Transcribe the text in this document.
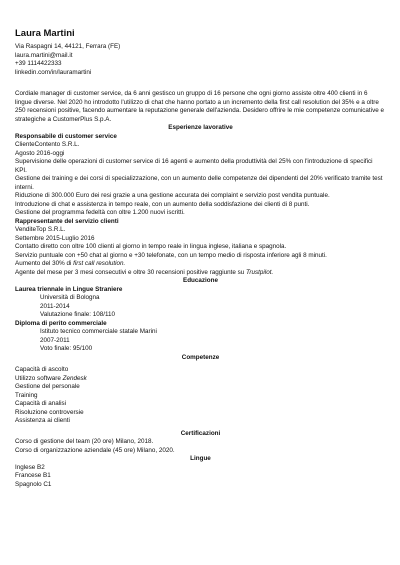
Laura Martini
Via Raspagni 14, 44121, Ferrara (FE)
laura.martini@mail.it
+39 1114422333
linkedin.com/in/lauramartini

Cordiale manager di customer service, da 6 anni gestisco un gruppo di 16 persone che ogni giorno assiste oltre 400 clienti in 6 lingue diverse. Nel 2020 ho introdotto l'utilizzo di chat che hanno portato a un incremento della first call resolution del 35% e a oltre 250 recensioni positive, facendo aumentare la reputazione generale dell'azienda. Desidero offrire le mie competenze comunicative e strategiche a CustomerPlus S.p.A.

Esperienze lavorative
Responsabile di customer service
ClienteContento S.R.L.
Agosto 2016-oggi
Supervisione delle operazioni di customer service di 16 agenti e aumento della produttività del 25% con l'introduzione di specifici KPI.
Gestione dei training e dei corsi di specializzazione, con un aumento delle competenze dei dipendenti del 20% verificato tramite test interni.
Riduzione di 300.000 Euro dei resi grazie a una gestione accurata dei complaint e servizio post vendita puntuale.
Introduzione di chat e assistenza in tempo reale, con un aumento della soddisfazione dei clienti di 8 punti.
Gestione del programma fedeltà con oltre 1.200 nuovi iscritti.
Rappresentante del servizio clienti
VenditeTop S.R.L.
Settembre 2015-Luglio 2016
Contatto diretto con oltre 100 clienti al giorno in tempo reale in lingua inglese, italiana e spagnola.
Servizio puntuale con +50 chat al giorno e +30 telefonate, con un tempo medio di risposta inferiore agli 8 minuti.
Aumento del 30% di first call resolution.
Agente del mese per 3 mesi consecutivi e oltre 30 recensioni positive raggiunte su Trustpilot.
Educazione
Laurea triennale in Lingue Straniere
Università di Bologna
2011-2014
Valutazione finale: 108/110
Diploma di perito commerciale
Istituto tecnico commerciale statale Marini
2007-2011
Voto finale: 95/100
Competenze
Capacità di ascolto
Utilizzo software Zendesk
Gestione del personale
Training
Capacità di analisi
Risoluzione controversie
Assistenza ai clienti
Certificazioni
Corso di gestione del team (20 ore) Milano, 2018.
Corso di organizzazione aziendale (45 ore) Milano, 2020.
Lingue
Inglese B2
Francese B1
Spagnolo C1
